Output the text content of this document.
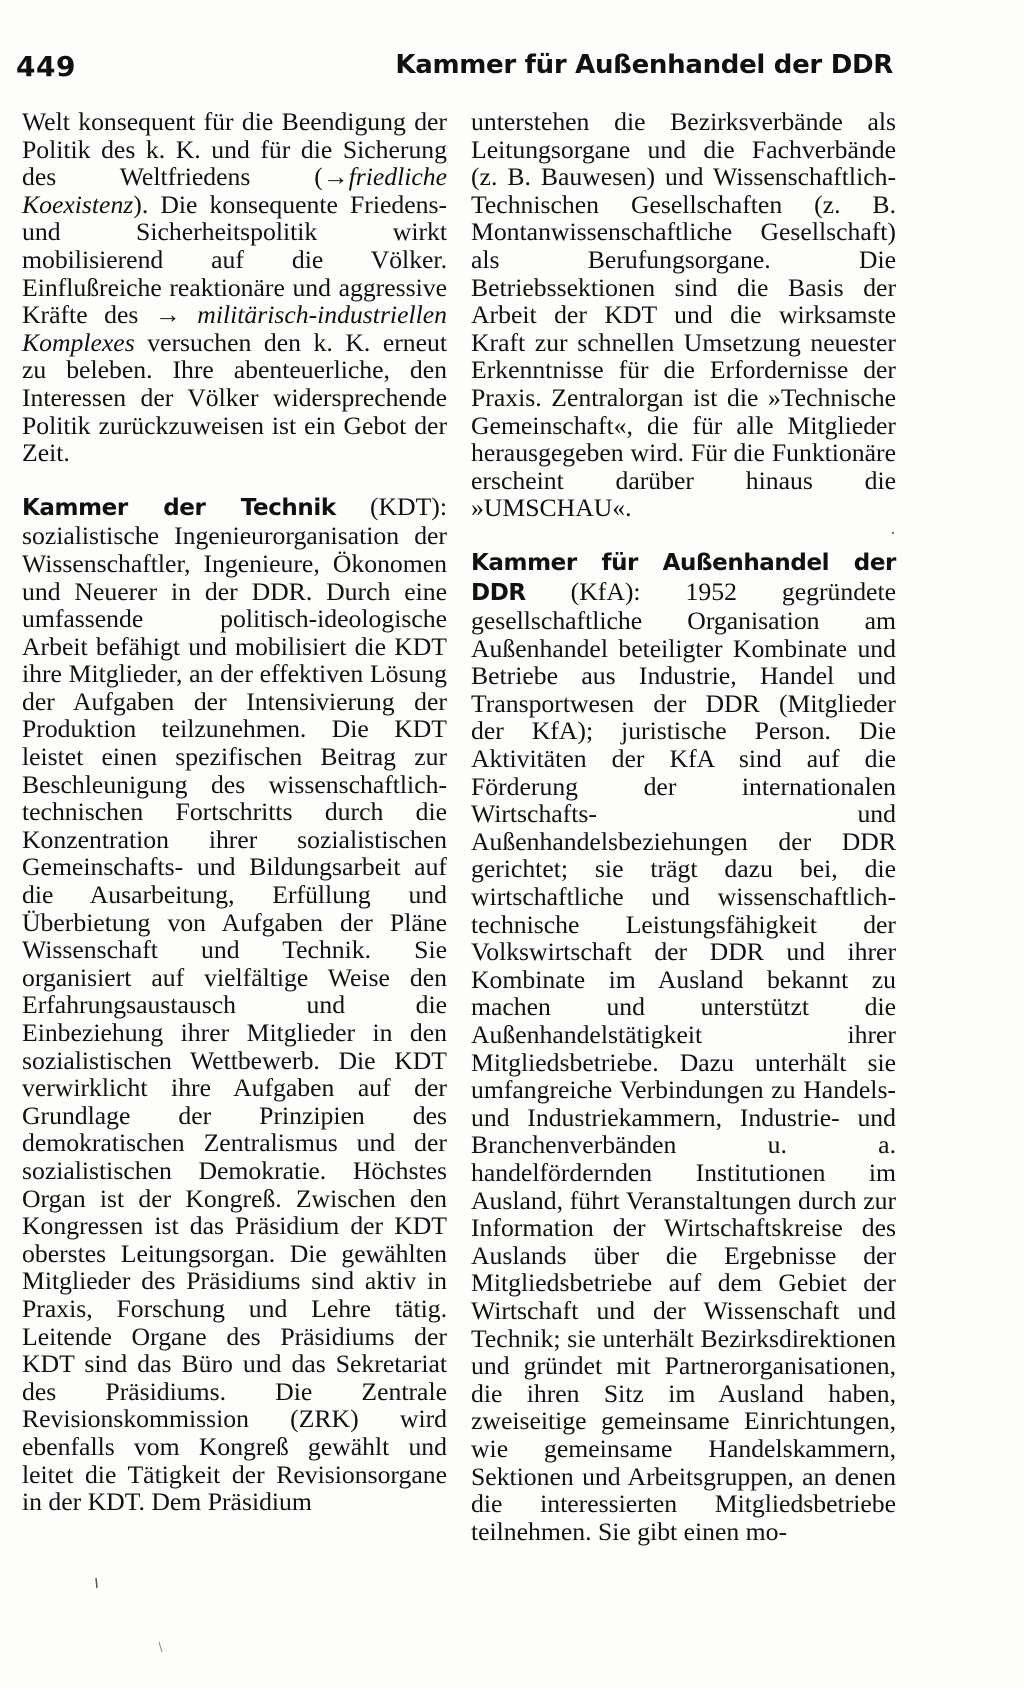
449	Kammer für Außenhandel der DDR

Welt konsequent für die Beendigung der Politik des k. K. und für die Sicherung des Weltfriedens (→friedliche Koexistenz). Die konsequente Friedens- und Sicherheitspolitik wirkt mobilisierend auf die Völker. Einflußreiche reaktionäre und aggressive Kräfte des → militärisch-industriellen Komplexes versuchen den k. K. erneut zu beleben. Ihre abenteuerliche, den Interessen der Völker widersprechende Politik zurückzuweisen ist ein Gebot der Zeit.

Kammer der Technik (KDT): sozialistische Ingenieurorganisation der Wissenschaftler, Ingenieure, Ökonomen und Neuerer in der DDR. Durch eine umfassende politisch-ideologische Arbeit befähigt und mobilisiert die KDT ihre Mitglieder, an der effektiven Lösung der Aufgaben der Intensivierung der Produktion teilzunehmen. Die KDT leistet einen spezifischen Beitrag zur Beschleunigung des wissenschaftlich-technischen Fortschritts durch die Konzentration ihrer sozialistischen Gemeinschafts- und Bildungsarbeit auf die Ausarbeitung, Erfüllung und Überbietung von Aufgaben der Pläne Wissenschaft und Technik. Sie organisiert auf vielfältige Weise den Erfahrungsaustausch und die Einbeziehung ihrer Mitglieder in den sozialistischen Wettbewerb. Die KDT verwirklicht ihre Aufgaben auf der Grundlage der Prinzipien des demokratischen Zentralismus und der sozialistischen Demokratie. Höchstes Organ ist der Kongreß. Zwischen den Kongressen ist das Präsidium der KDT oberstes Leitungsorgan. Die gewählten Mitglieder des Präsidiums sind aktiv in Praxis, Forschung und Lehre tätig. Leitende Organe des Präsidiums der KDT sind das Büro und das Sekretariat des Präsidiums. Die Zentrale Revisionskommission (ZRK) wird ebenfalls vom Kongreß gewählt und leitet die Tätigkeit der Revisionsorgane in der KDT. Dem Präsidium

unterstehen die Bezirksverbände als Leitungsorgane und die Fachverbände (z. B. Bauwesen) und Wissenschaftlich-Technischen Gesellschaften (z. B. Montanwissenschaftliche Gesellschaft) als Berufungsorgane. Die Betriebssektionen sind die Basis der Arbeit der KDT und die wirksamste Kraft zur schnellen Umsetzung neuester Erkenntnisse für die Erfordernisse der Praxis. Zentralorgan ist die »Technische Gemeinschaft«, die für alle Mitglieder herausgegeben wird. Für die Funktionäre erscheint darüber hinaus die »UMSCHAU«.

Kammer für Außenhandel der DDR (KfA): 1952 gegründete gesellschaftliche Organisation am Außenhandel beteiligter Kombinate und Betriebe aus Industrie, Handel und Transportwesen der DDR (Mitglieder der KfA); juristische Person. Die Aktivitäten der KfA sind auf die Förderung der internationalen Wirtschafts- und Außenhandelsbeziehungen der DDR gerichtet; sie trägt dazu bei, die wirtschaftliche und wissenschaftlich-technische Leistungsfähigkeit der Volkswirtschaft der DDR und ihrer Kombinate im Ausland bekannt zu machen und unterstützt die Außenhandelstätigkeit ihrer Mitgliedsbetriebe. Dazu unterhält sie umfangreiche Verbindungen zu Handels- und Industriekammern, Industrie- und Branchenverbänden u. a. handelfördernden Institutionen im Ausland, führt Veranstaltungen durch zur Information der Wirtschaftskreise des Auslands über die Ergebnisse der Mitgliedsbetriebe auf dem Gebiet der Wirtschaft und der Wissenschaft und Technik; sie unterhält Bezirksdirektionen und gründet mit Partnerorganisationen, die ihren Sitz im Ausland haben, zweiseitige gemeinsame Einrichtungen, wie gemeinsame Handelskammern, Sektionen und Arbeitsgruppen, an denen die interessierten Mitgliedsbetriebe teilnehmen. Sie gibt einen mo-
